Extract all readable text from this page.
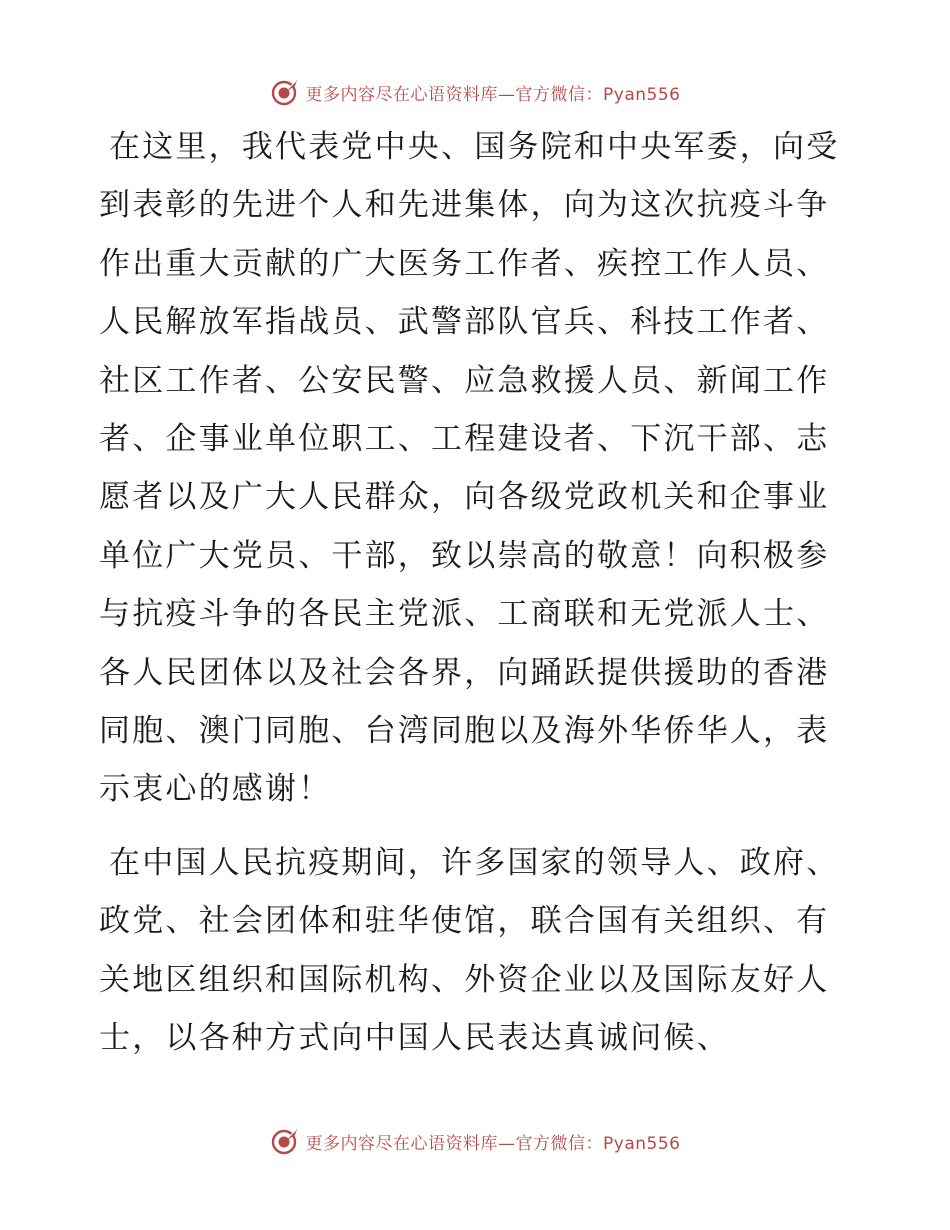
更多内容尽在心语资料库—官方微信：Pyan556

在这里，我代表党中央、国务院和中央军委，向受到表彰的先进个人和先进集体，向为这次抗疫斗争作出重大贡献的广大医务工作者、疾控工作人员、人民解放军指战员、武警部队官兵、科技工作者、社区工作者、公安民警、应急救援人员、新闻工作者、企事业单位职工、工程建设者、下沉干部、志愿者以及广大人民群众，向各级党政机关和企事业单位广大党员、干部，致以崇高的敬意！向积极参与抗疫斗争的各民主党派、工商联和无党派人士、各人民团体以及社会各界，向踊跃提供援助的香港同胞、澳门同胞、台湾同胞以及海外华侨华人，表示衷心的感谢！

在中国人民抗疫期间，许多国家的领导人、政府、政党、社会团体和驻华使馆，联合国有关组织、有关地区组织和国际机构、外资企业以及国际友好人士，以各种方式向中国人民表达真诚问候、

更多内容尽在心语资料库—官方微信：Pyan556
